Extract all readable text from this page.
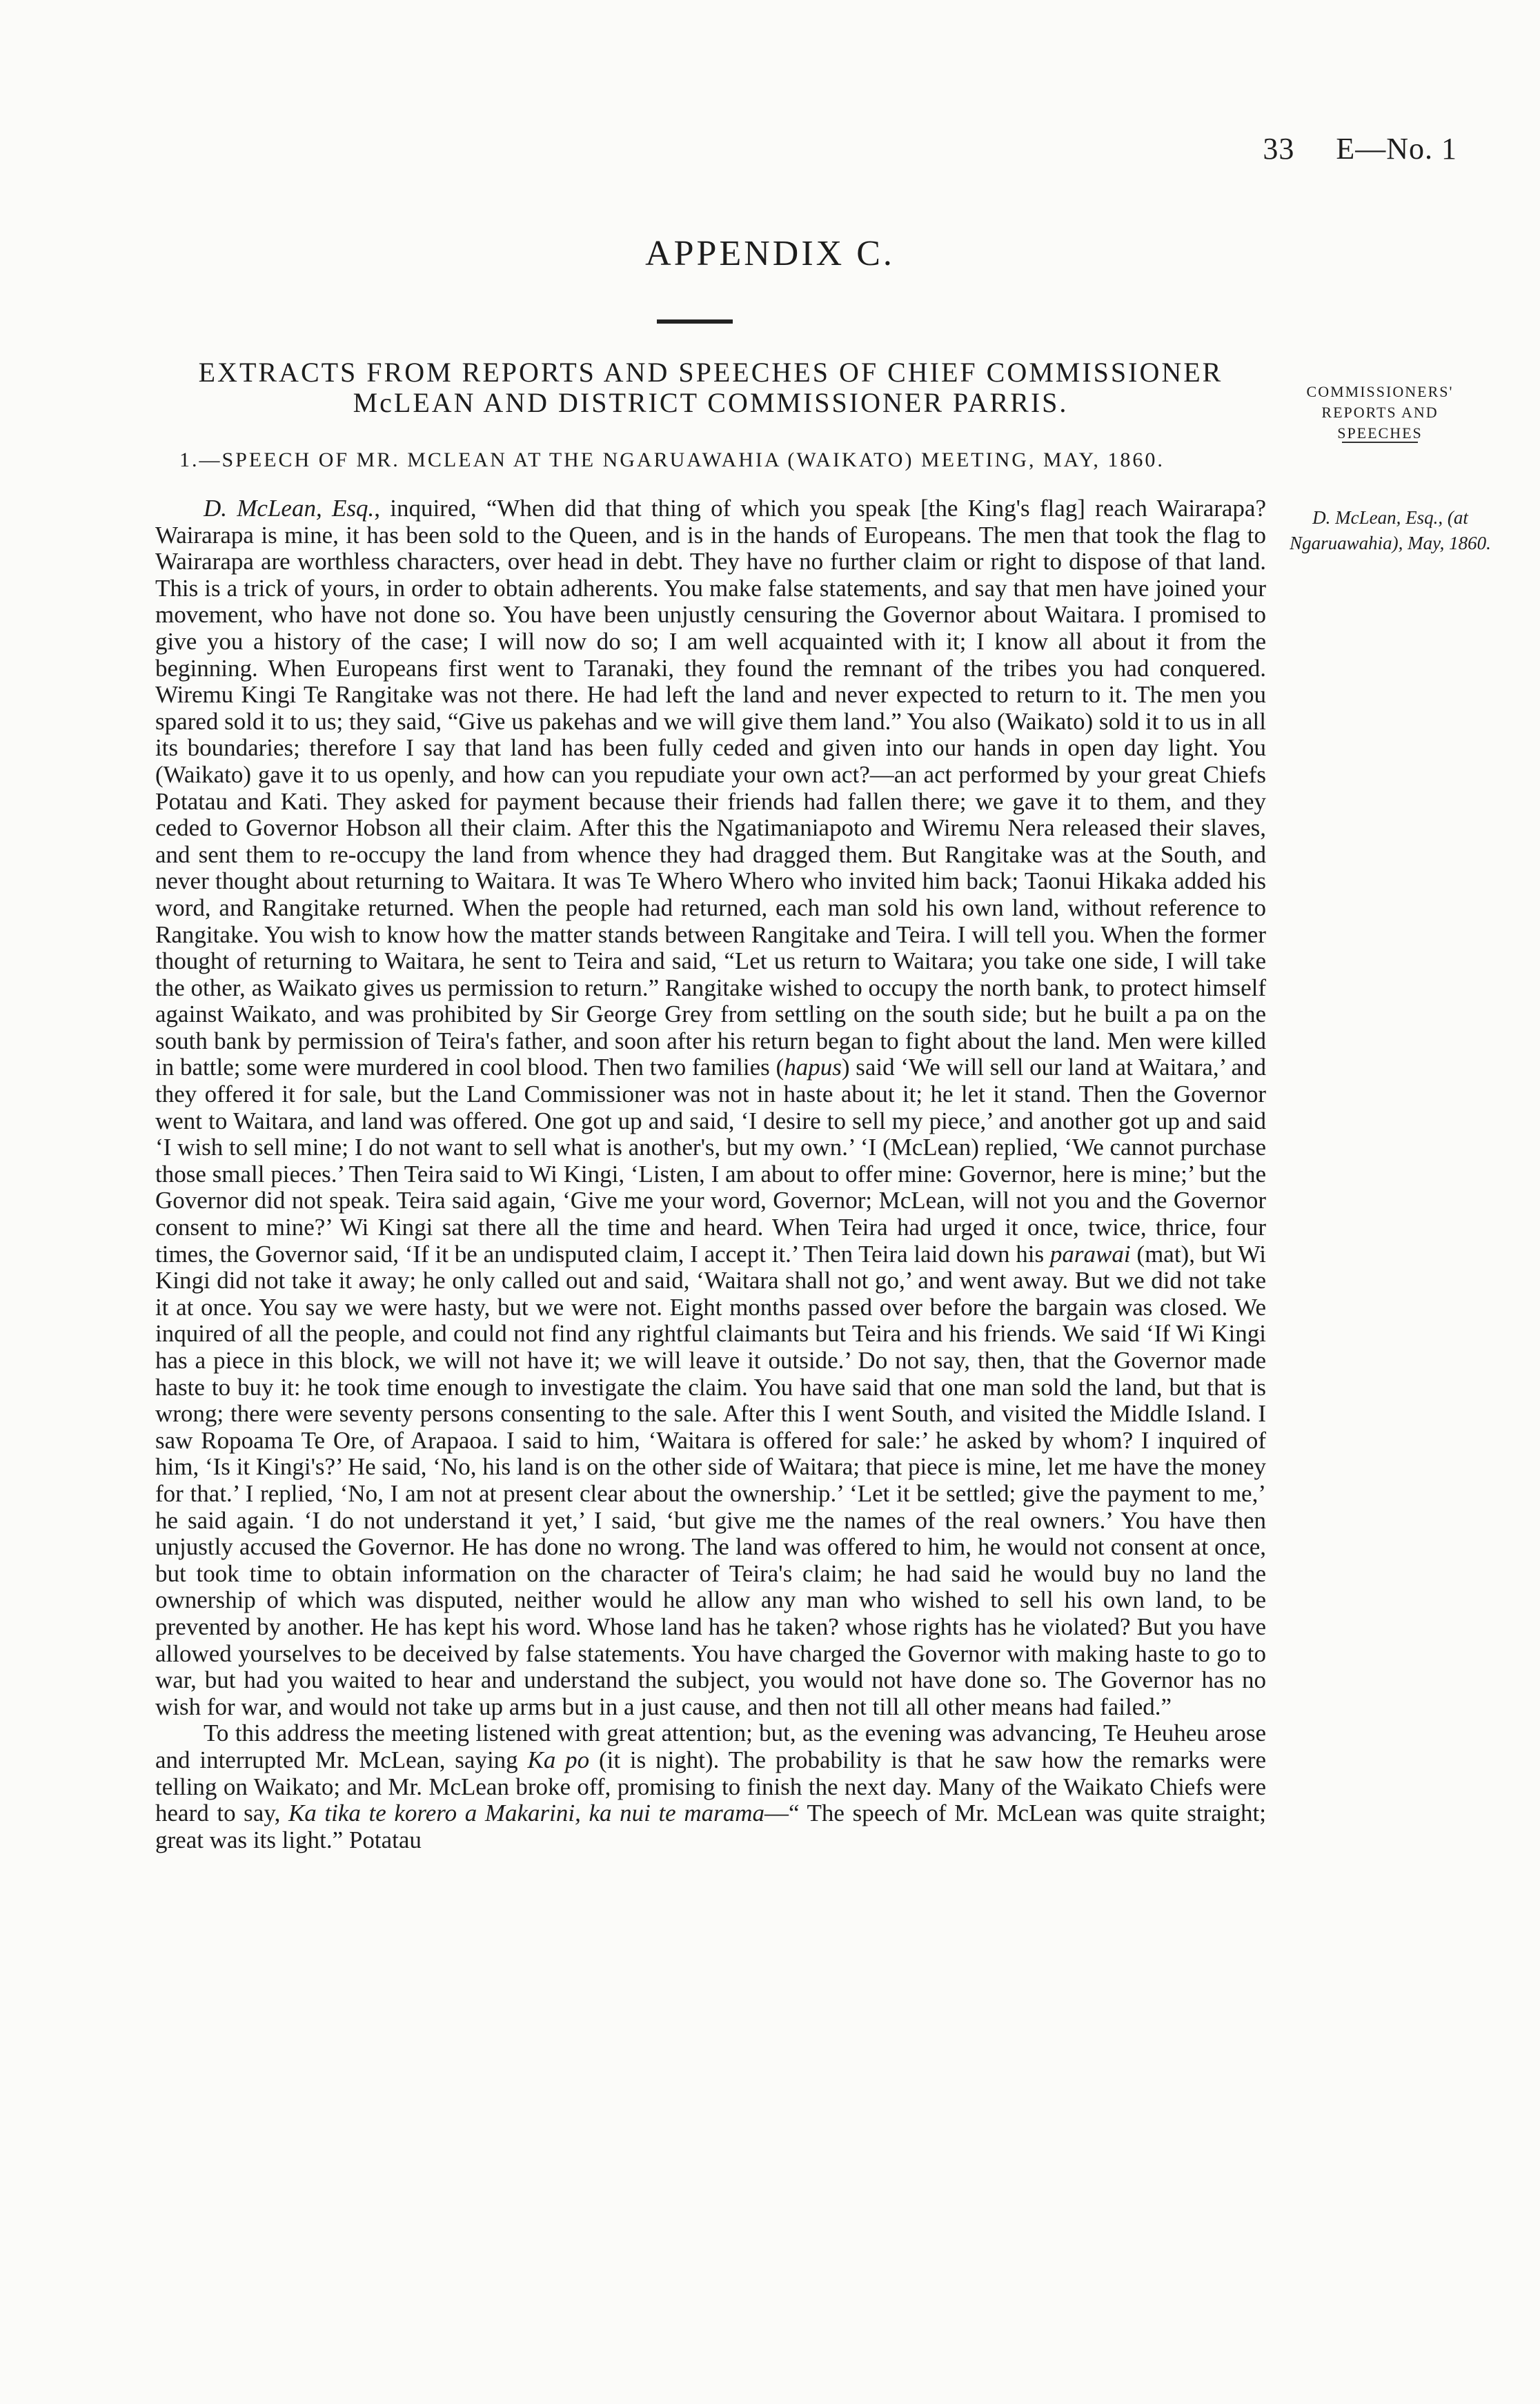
33 E—No. 1
APPENDIX C.
EXTRACTS FROM REPORTS AND SPEECHES OF CHIEF COMMISSIONER McLEAN AND DISTRICT COMMISSIONER PARRIS.	COMMISSIONERS' REPORTS AND SPEECHES
1.—SPEECH OF MR. MCLEAN AT THE NGARUAWAHIA (WAIKATO) MEETING, MAY, 1860.
D. McLean, Esq., (at Ngaruawahia), May, 1860.

D. McLean, Esq., inquired, “When did that thing of which you speak [the King's flag] reach Wairarapa? Wairarapa is mine, it has been sold to the Queen, and is in the hands of Europeans. The men that took the flag to Wairarapa are worthless characters, over head in debt. They have no further claim or right to dispose of that land. This is a trick of yours, in order to obtain adherents. You make false statements, and say that men have joined your movement, who have not done so. You have been unjustly censuring the Governor about Waitara. I promised to give you a history of the case; I will now do so; I am well acquainted with it; I know all about it from the beginning. When Europeans first went to Taranaki, they found the remnant of the tribes you had conquered. Wiremu Kingi Te Rangitake was not there. He had left the land and never expected to return to it. The men you spared sold it to us; they said, “Give us pakehas and we will give them land.” You also (Waikato) sold it to us in all its boundaries; therefore I say that land has been fully ceded and given into our hands in open day light. You (Waikato) gave it to us openly, and how can you repudiate your own act?—an act performed by your great Chiefs Potatau and Kati. They asked for payment because their friends had fallen there; we gave it to them, and they ceded to Governor Hobson all their claim. After this the Ngatimaniapoto and Wiremu Nera released their slaves, and sent them to re-occupy the land from whence they had dragged them. But Rangitake was at the South, and never thought about returning to Waitara. It was Te Whero Whero who invited him back; Taonui Hikaka added his word, and Rangitake returned. When the people had returned, each man sold his own land, without reference to Rangitake. You wish to know how the matter stands between Rangitake and Teira. I will tell you. When the former thought of returning to Waitara, he sent to Teira and said, “Let us return to Waitara; you take one side, I will take the other, as Waikato gives us permission to return.” Rangitake wished to occupy the north bank, to protect himself against Waikato, and was prohibited by Sir George Grey from settling on the south side; but he built a pa on the south bank by permission of Teira's father, and soon after his return began to fight about the land. Men were killed in battle; some were murdered in cool blood. Then two families (hapus) said ‘We will sell our land at Waitara,’ and they offered it for sale, but the Land Commissioner was not in haste about it; he let it stand. Then the Governor went to Waitara, and land was offered. One got up and said, ‘I desire to sell my piece,’ and another got up and said ‘I wish to sell mine; I do not want to sell what is another's, but my own.’ ‘I (McLean) replied, ‘We cannot purchase those small pieces.’ Then Teira said to Wi Kingi, ‘Listen, I am about to offer mine: Governor, here is mine;’ but the Governor did not speak. Teira said again, ‘Give me your word, Governor; McLean, will not you and the Governor consent to mine?’ Wi Kingi sat there all the time and heard. When Teira had urged it once, twice, thrice, four times, the Governor said, ‘If it be an undisputed claim, I accept it.’ Then Teira laid down his parawai (mat), but Wi Kingi did not take it away; he only called out and said, ‘Waitara shall not go,’ and went away. But we did not take it at once. You say we were hasty, but we were not. Eight months passed over before the bargain was closed. We inquired of all the people, and could not find any rightful claimants but Teira and his friends. We said ‘If Wi Kingi has a piece in this block, we will not have it; we will leave it outside.’ Do not say, then, that the Governor made haste to buy it: he took time enough to investigate the claim. You have said that one man sold the land, but that is wrong; there were seventy persons consenting to the sale. After this I went South, and visited the Middle Island. I saw Ropoama Te Ore, of Arapaoa. I said to him, ‘Waitara is offered for sale:’ he asked by whom? I inquired of him, ‘Is it Kingi's?’ He said, ‘No, his land is on the other side of Waitara; that piece is mine, let me have the money for that.’ I replied, ‘No, I am not at present clear about the ownership.’ ‘Let it be settled; give the payment to me,’ he said again. ‘I do not understand it yet,’ I said, ‘but give me the names of the real owners.’ You have then unjustly accused the Governor. He has done no wrong. The land was offered to him, he would not consent at once, but took time to obtain information on the character of Teira's claim; he had said he would buy no land the ownership of which was disputed, neither would he allow any man who wished to sell his own land, to be prevented by another. He has kept his word. Whose land has he taken? whose rights has he violated? But you have allowed yourselves to be deceived by false statements. You have charged the Governor with making haste to go to war, but had you waited to hear and understand the subject, you would not have done so. The Governor has no wish for war, and would not take up arms but in a just cause, and then not till all other means had failed.”

To this address the meeting listened with great attention; but, as the evening was advancing, Te Heuheu arose and interrupted Mr. McLean, saying Ka po (it is night). The probability is that he saw how the remarks were telling on Waikato; and Mr. McLean broke off, promising to finish the next day. Many of the Waikato Chiefs were heard to say, Ka tika te korero a Makarini, ka nui te marama—“ The speech of Mr. McLean was quite straight; great was its light.” Potatau
